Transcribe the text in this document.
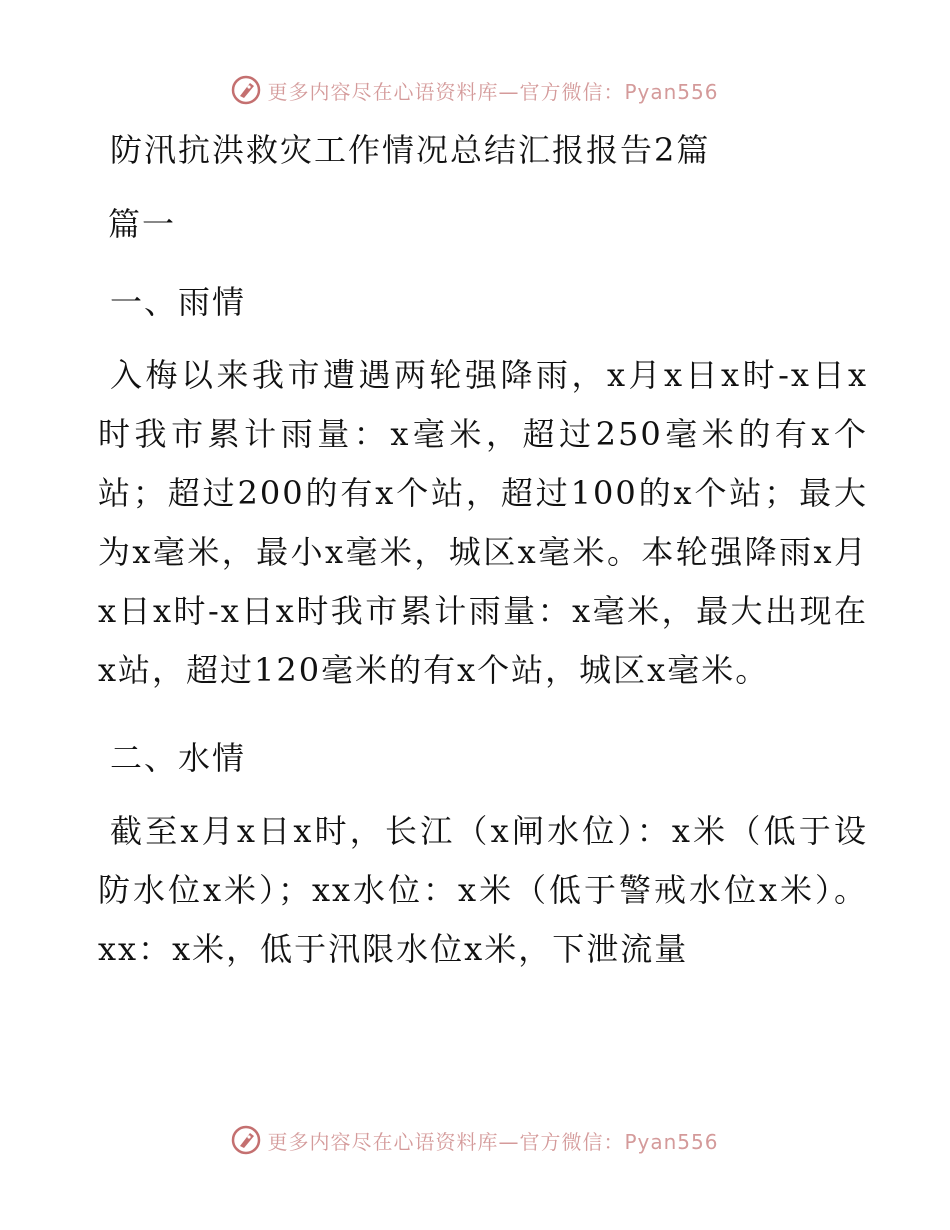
更多内容尽在心语资料库—官方微信：Pyan556
防汛抗洪救灾工作情况总结汇报报告2篇
篇一
一、雨情
入梅以来我市遭遇两轮强降雨，x月x日x时-x日x时我市累计雨量：x毫米，超过250毫米的有x个站；超过200的有x个站，超过100的x个站；最大为x毫米，最小x毫米，城区x毫米。本轮强降雨x月x日x时-x日x时我市累计雨量：x毫米，最大出现在x站，超过120毫米的有x个站，城区x毫米。
二、水情
截至x月x日x时，长江（x闸水位）：x米（低于设防水位x米）；xx水位：x米（低于警戒水位x米）。xx：x米，低于汛限水位x米，下泄流量
更多内容尽在心语资料库—官方微信：Pyan556
